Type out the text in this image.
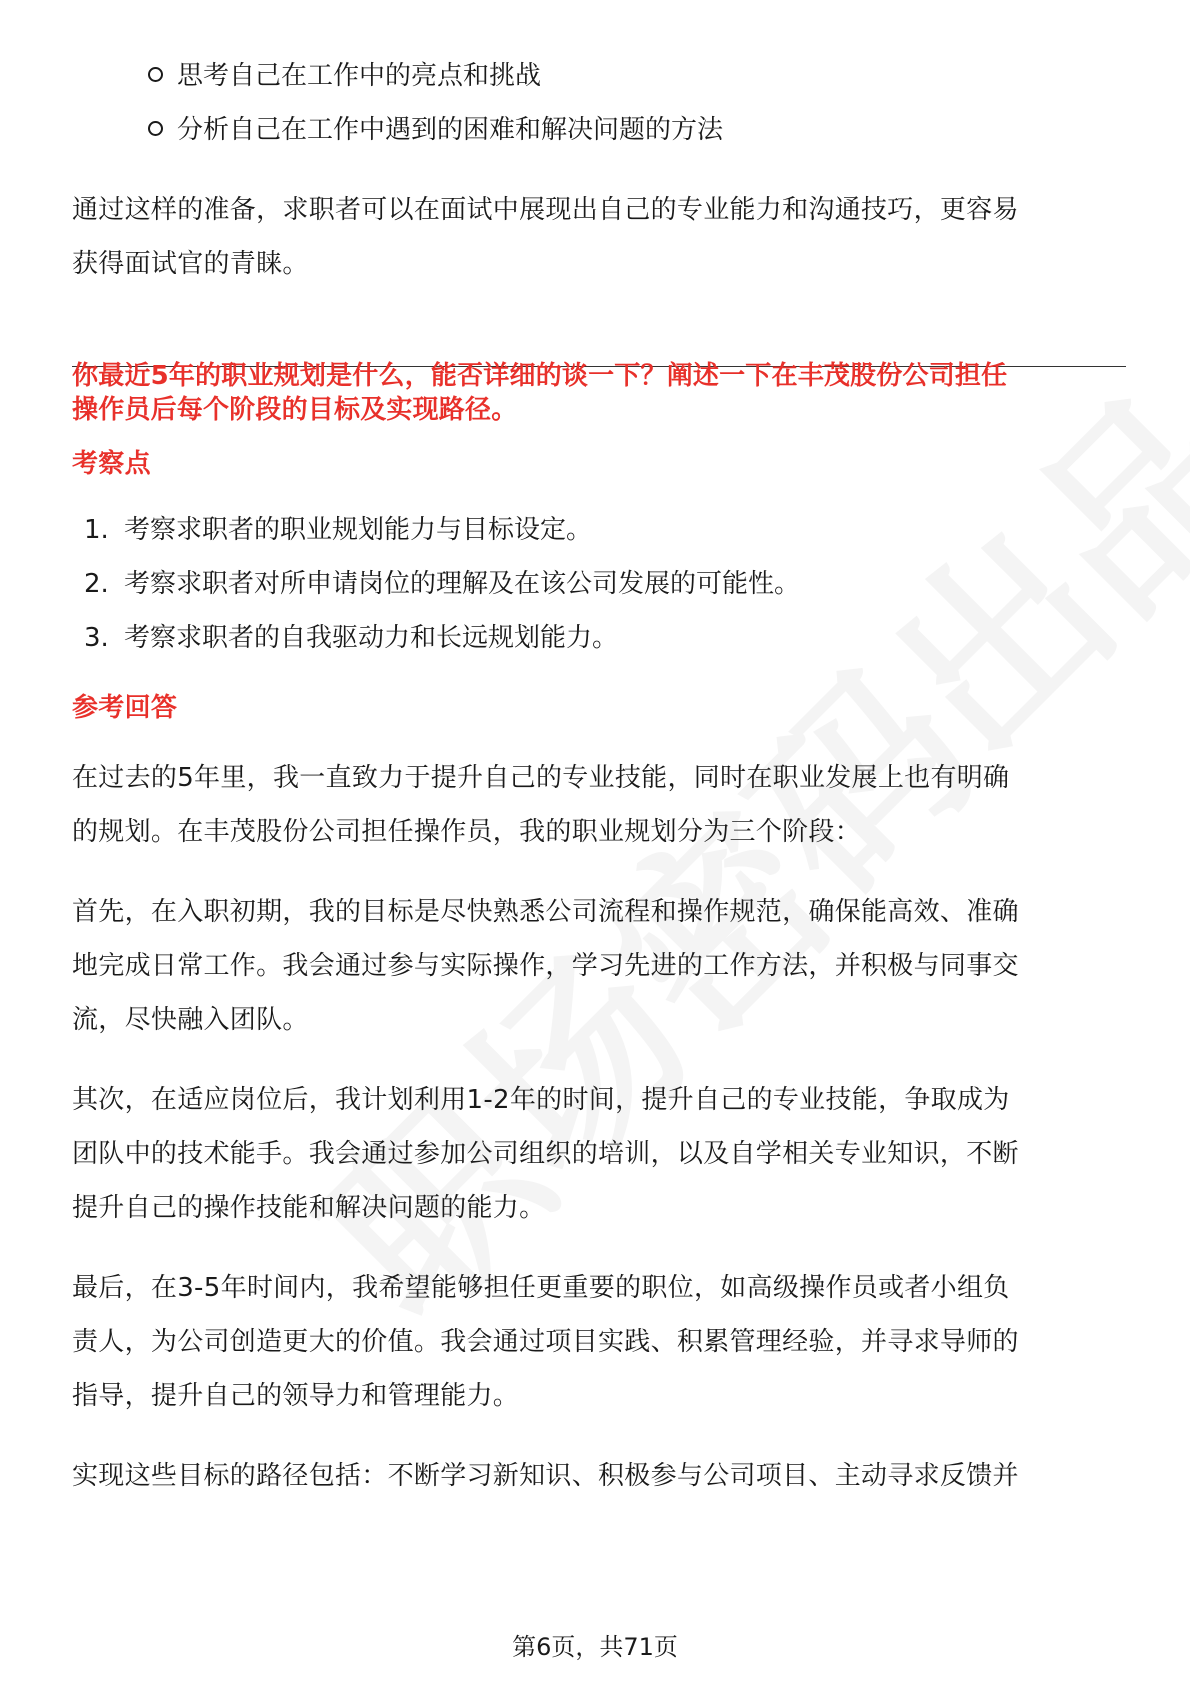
思考自己在工作中的亮点和挑战
分析自己在工作中遇到的困难和解决问题的方法
通过这样的准备，求职者可以在面试中展现出自己的专业能力和沟通技巧，更容易
获得面试官的青睐。
你最近5年的职业规划是什么，能否详细的谈一下？阐述一下在丰茂股份公司担任
操作员后每个阶段的目标及实现路径。
考察点
1. 考察求职者的职业规划能力与目标设定。
2. 考察求职者对所申请岗位的理解及在该公司发展的可能性。
3. 考察求职者的自我驱动力和长远规划能力。
参考回答
在过去的5年里，我一直致力于提升自己的专业技能，同时在职业发展上也有明确
的规划。在丰茂股份公司担任操作员，我的职业规划分为三个阶段：
首先，在入职初期，我的目标是尽快熟悉公司流程和操作规范，确保能高效、准确
地完成日常工作。我会通过参与实际操作，学习先进的工作方法，并积极与同事交
流，尽快融入团队。
其次，在适应岗位后，我计划利用1-2年的时间，提升自己的专业技能，争取成为
团队中的技术能手。我会通过参加公司组织的培训，以及自学相关专业知识，不断
提升自己的操作技能和解决问题的能力。
最后，在3-5年时间内，我希望能够担任更重要的职位，如高级操作员或者小组负
责人，为公司创造更大的价值。我会通过项目实践、积累管理经验，并寻求导师的
指导，提升自己的领导力和管理能力。
实现这些目标的路径包括：不断学习新知识、积极参与公司项目、主动寻求反馈并
第6页，共71页
